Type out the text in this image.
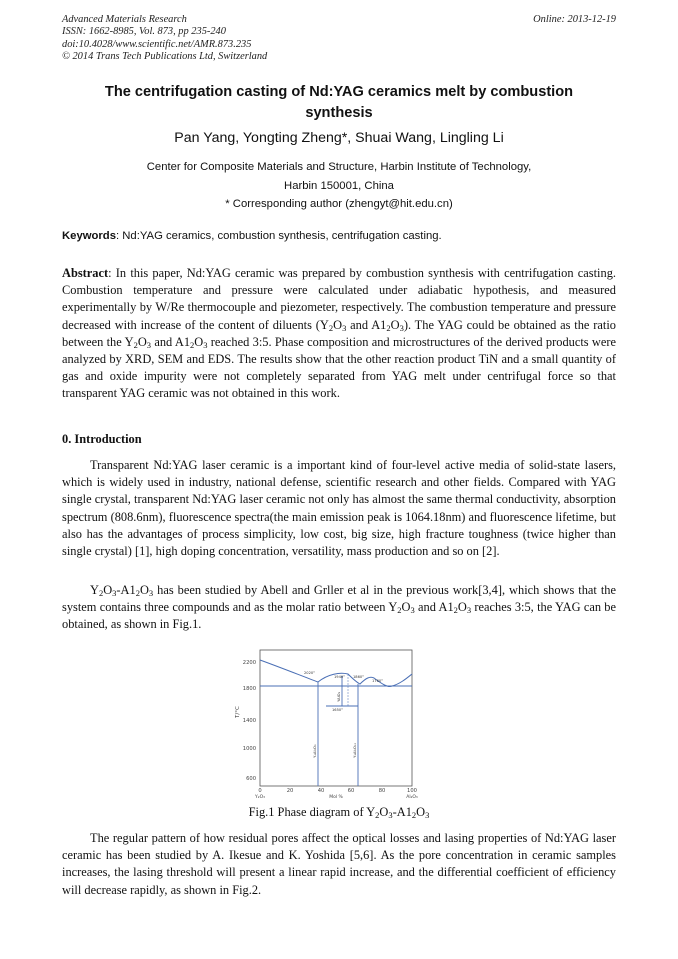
Advanced Materials Research
ISSN: 1662-8985, Vol. 873, pp 235-240
doi:10.4028/www.scientific.net/AMR.873.235
© 2014 Trans Tech Publications Ltd, Switzerland
Online: 2013-12-19
The centrifugation casting of Nd:YAG ceramics melt by combustion synthesis
Pan Yang, Yongting Zheng*, Shuai Wang, Lingling Li
Center for Composite Materials and Structure, Harbin Institute of Technology,
Harbin 150001, China
* Corresponding author (zhengyt@hit.edu.cn)
Keywords: Nd:YAG ceramics, combustion synthesis, centrifugation casting.

Abstract: In this paper, Nd:YAG ceramic was prepared by combustion synthesis with centrifugation casting. Combustion temperature and pressure were calculated under adiabatic hypothesis, and measured experimentally by W/Re thermocouple and piezometer, respectively. The combustion temperature and pressure decreased with increase of the content of diluents ($Y_2O_3$ and $A1_2O_3$). The YAG could be obtained as the ratio between the $Y_2O_3$ and $A1_2O_3$ reached 3:5. Phase composition and microstructures of the derived products were analyzed by XRD, SEM and EDS. The results show that the other reaction product TiN and a small quantity of gas and oxide impurity were not completely separated from YAG melt under centrifugal force so that transparent YAG ceramic was not obtained in this work.

0. Introduction

Transparent Nd:YAG laser ceramic is a important kind of four-level active media of solid-state lasers, which is widely used in industry, national defense, scientific research and other fields. Compared with YAG single crystal, transparent Nd:YAG laser ceramic not only has almost the same thermal conductivity, absorption spectrum (808.6nm), fluorescence spectra(the main emission peak is 1064.18nm) and fluorescence lifetime, but also has the advantages of process simplicity, low cost, big size, high fracture toughness (twice higher than single crystal) [1], high doping concentration, versatility, mass production and so on [2].

$Y_2O_3-A1_2O_3$ has been studied by Abell and Grller et al in the previous work[3,4], which shows that the system contains three compounds and as the molar ratio between $Y_2O_3$ and $A1_2O_3$ reaches 3:5, the YAG can be obtained, as shown in Fig.1.

2200
1800
1400
1000
600
T/°C
0	20	40	60	80	100
Y₂O₃	Mol %	Al₂O₃
2020°
1940° 1860°
1760°
1650°
Y₄Al₂O₉	Y₃Al₅O₁₂
YAlO₃
Fig.1 Phase diagram of $Y_2O_3-A1_2O_3$

The regular pattern of how residual pores affect the optical losses and lasing properties of Nd:YAG laser ceramic has been studied by A. Ikesue and K. Yoshida [5,6]. As the pore concentration in ceramic samples increases, the lasing threshold will present a linear rapid increase, and the differential coefficient of efficiency will decrease rapidly, as shown in Fig.2.
